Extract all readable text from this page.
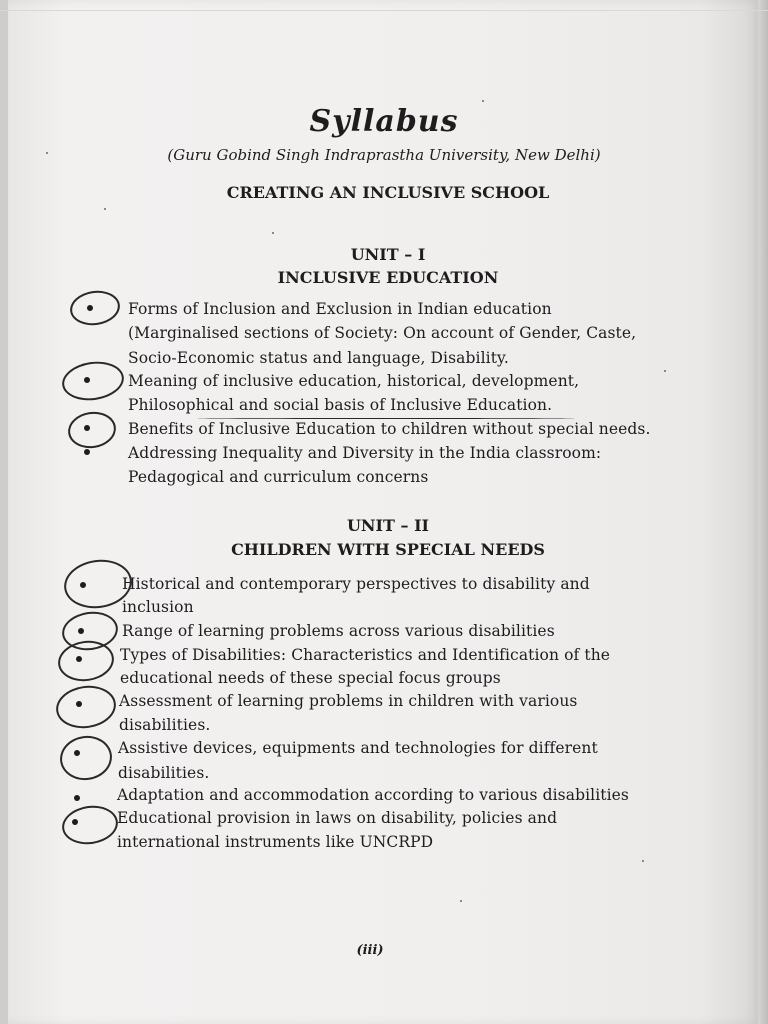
Syllabus
(Guru Gobind Singh Indraprastha University, New Delhi)
CREATING AN INCLUSIVE SCHOOL
UNIT – I
INCLUSIVE EDUCATION
Forms of Inclusion and Exclusion in Indian education
(Marginalised sections of Society: On account of Gender, Caste,
Socio-Economic status and language, Disability.
Meaning of inclusive education, historical, development,
Philosophical and social basis of Inclusive Education.
Benefits of Inclusive Education to children without special needs.
Addressing Inequality and Diversity in the India classroom:
Pedagogical and curriculum concerns
UNIT – II
CHILDREN WITH SPECIAL NEEDS
Historical and contemporary perspectives to disability and
inclusion
Range of learning problems across various disabilities
Types of Disabilities: Characteristics and Identification of the
educational needs of these special focus groups
Assessment of learning problems in children with various
disabilities.
Assistive devices, equipments and technologies for different
disabilities.
Adaptation and accommodation according to various disabilities
Educational provision in laws on disability, policies and
international instruments like UNCRPD
(iii)
